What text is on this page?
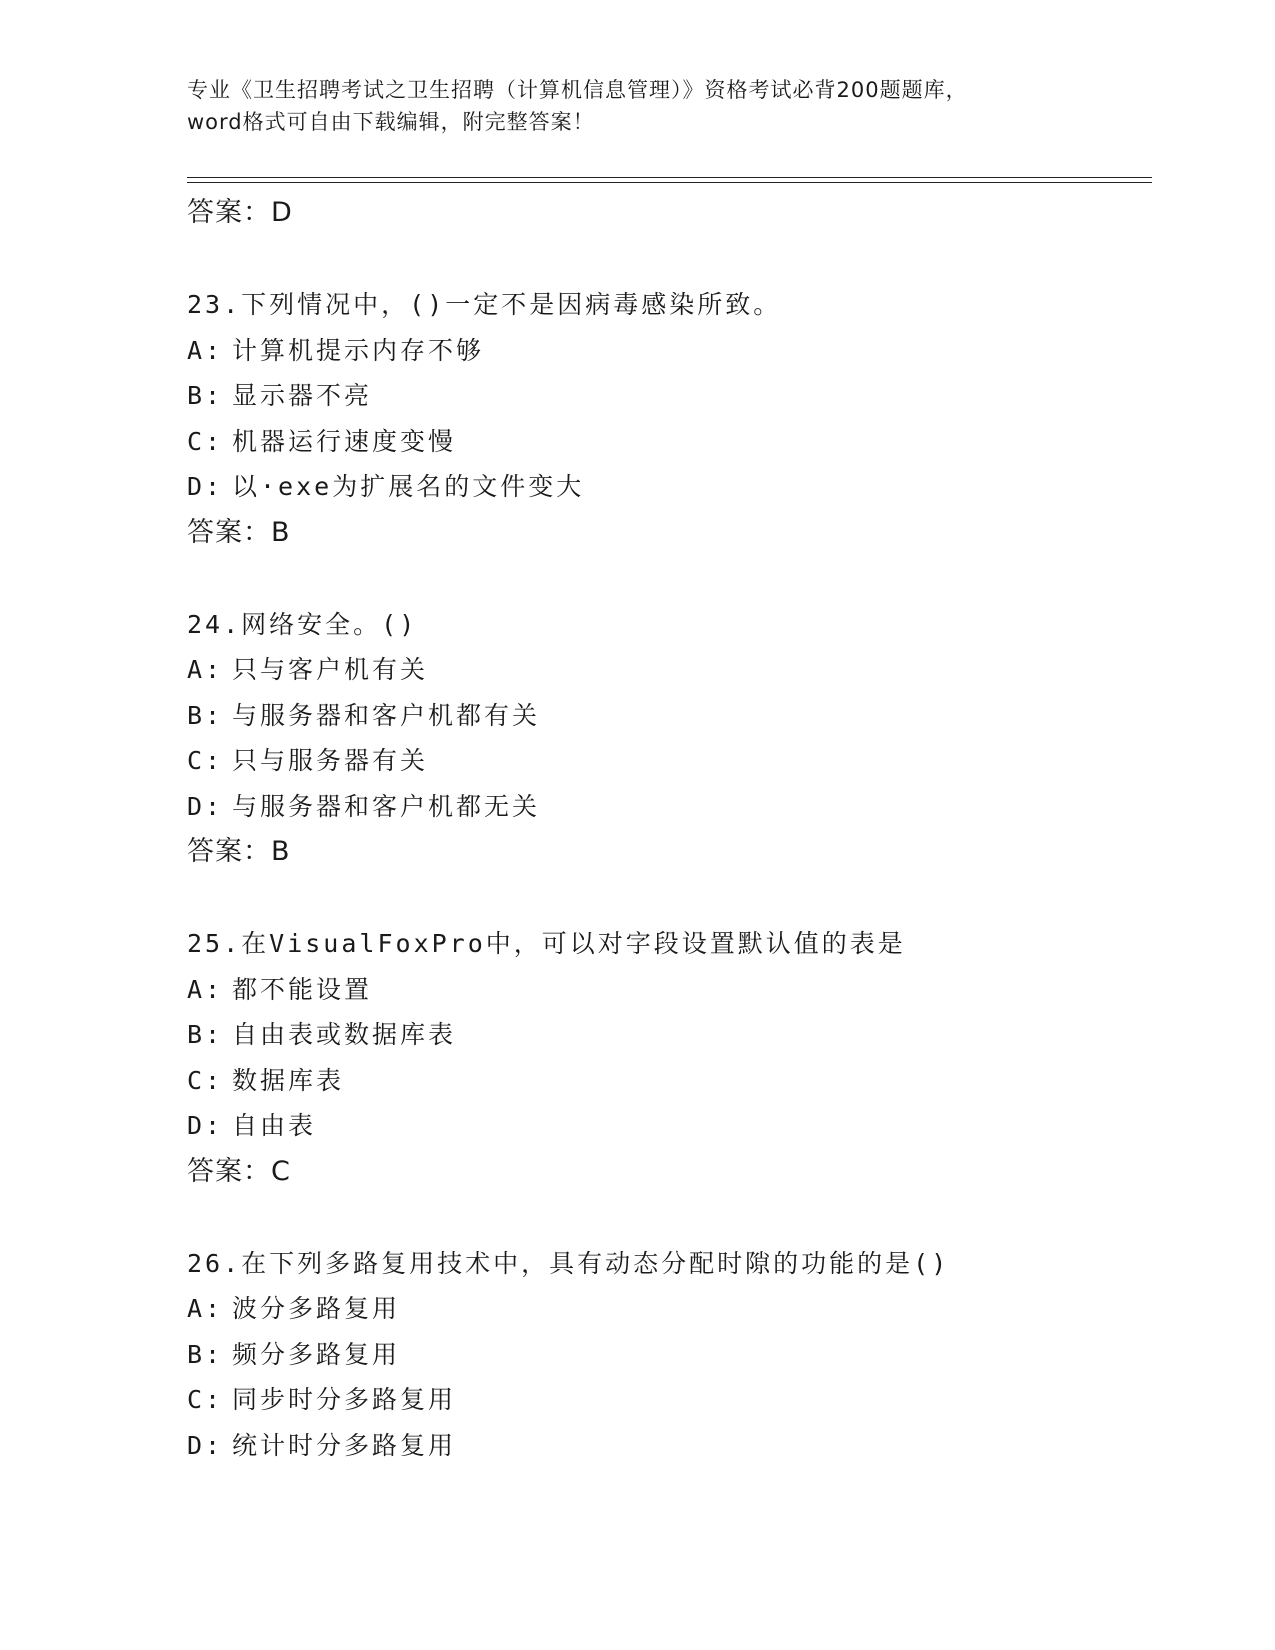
专业《卫生招聘考试之卫生招聘（计算机信息管理）》资格考试必背200题题库，
word格式可自由下载编辑，附完整答案！
答案：D
23.下列情况中，()一定不是因病毒感染所致。
A: 计算机提示内存不够
B: 显示器不亮
C: 机器运行速度变慢
D: 以·exe为扩展名的文件变大
答案：B
24.网络安全。()
A: 只与客户机有关
B: 与服务器和客户机都有关
C: 只与服务器有关
D: 与服务器和客户机都无关
答案：B
25.在VisualFoxPro中，可以对字段设置默认值的表是
A: 都不能设置
B: 自由表或数据库表
C: 数据库表
D: 自由表
答案：C
26.在下列多路复用技术中，具有动态分配时隙的功能的是()
A: 波分多路复用
B: 频分多路复用
C: 同步时分多路复用
D: 统计时分多路复用
